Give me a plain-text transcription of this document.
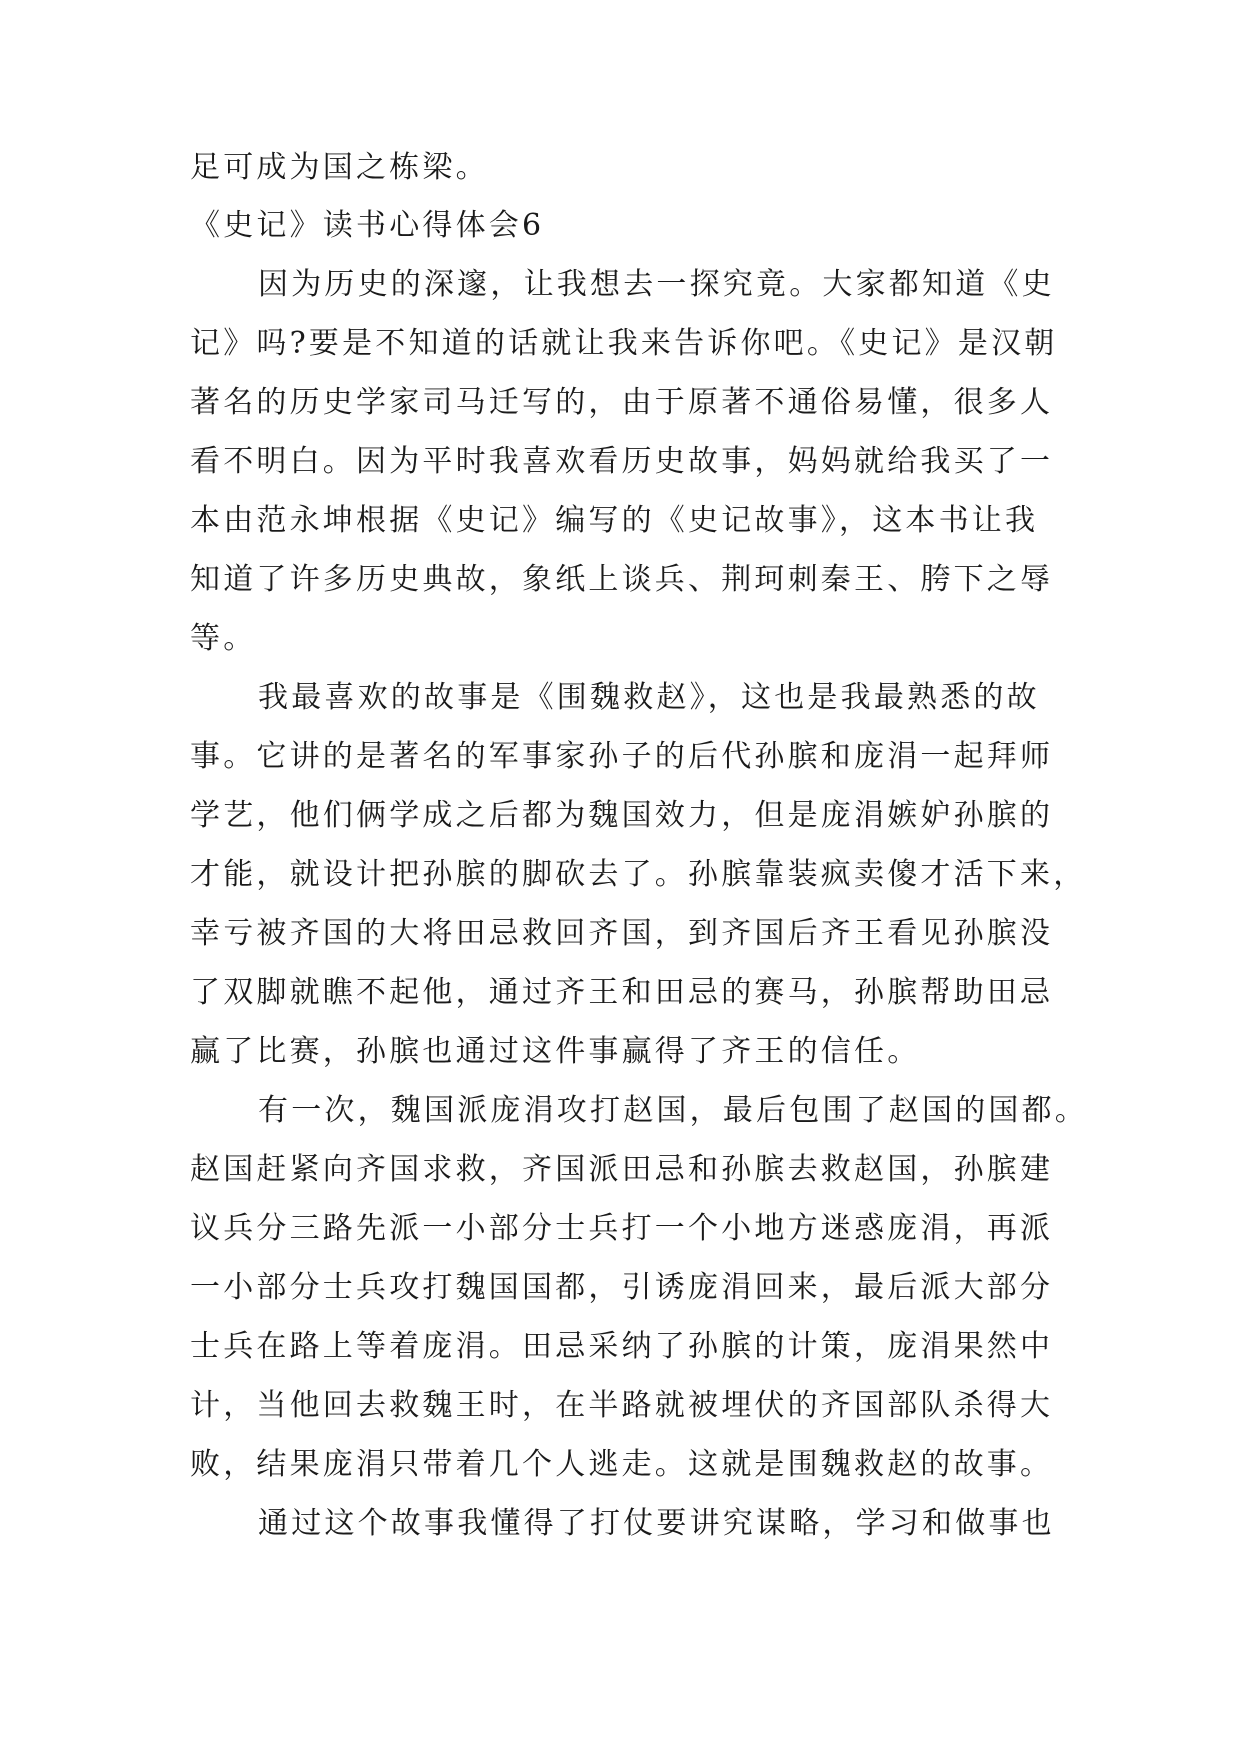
足可成为国之栋梁。
《史记》读书心得体会6
因为历史的深邃，让我想去一探究竟。大家都知道《史
记》吗?要是不知道的话就让我来告诉你吧。《史记》是汉朝
著名的历史学家司马迁写的，由于原著不通俗易懂，很多人
看不明白。因为平时我喜欢看历史故事，妈妈就给我买了一
本由范永坤根据《史记》编写的《史记故事》，这本书让我
知道了许多历史典故，象纸上谈兵、荆珂刺秦王、胯下之辱
等。
我最喜欢的故事是《围魏救赵》，这也是我最熟悉的故
事。它讲的是著名的军事家孙子的后代孙膑和庞涓一起拜师
学艺，他们俩学成之后都为魏国效力，但是庞涓嫉妒孙膑的
才能，就设计把孙膑的脚砍去了。孙膑靠装疯卖傻才活下来，
幸亏被齐国的大将田忌救回齐国，到齐国后齐王看见孙膑没
了双脚就瞧不起他，通过齐王和田忌的赛马，孙膑帮助田忌
赢了比赛，孙膑也通过这件事赢得了齐王的信任。
有一次，魏国派庞涓攻打赵国，最后包围了赵国的国都。
赵国赶紧向齐国求救，齐国派田忌和孙膑去救赵国，孙膑建
议兵分三路先派一小部分士兵打一个小地方迷惑庞涓，再派
一小部分士兵攻打魏国国都，引诱庞涓回来，最后派大部分
士兵在路上等着庞涓。田忌采纳了孙膑的计策，庞涓果然中
计，当他回去救魏王时，在半路就被埋伏的齐国部队杀得大
败，结果庞涓只带着几个人逃走。这就是围魏救赵的故事。
通过这个故事我懂得了打仗要讲究谋略，学习和做事也
